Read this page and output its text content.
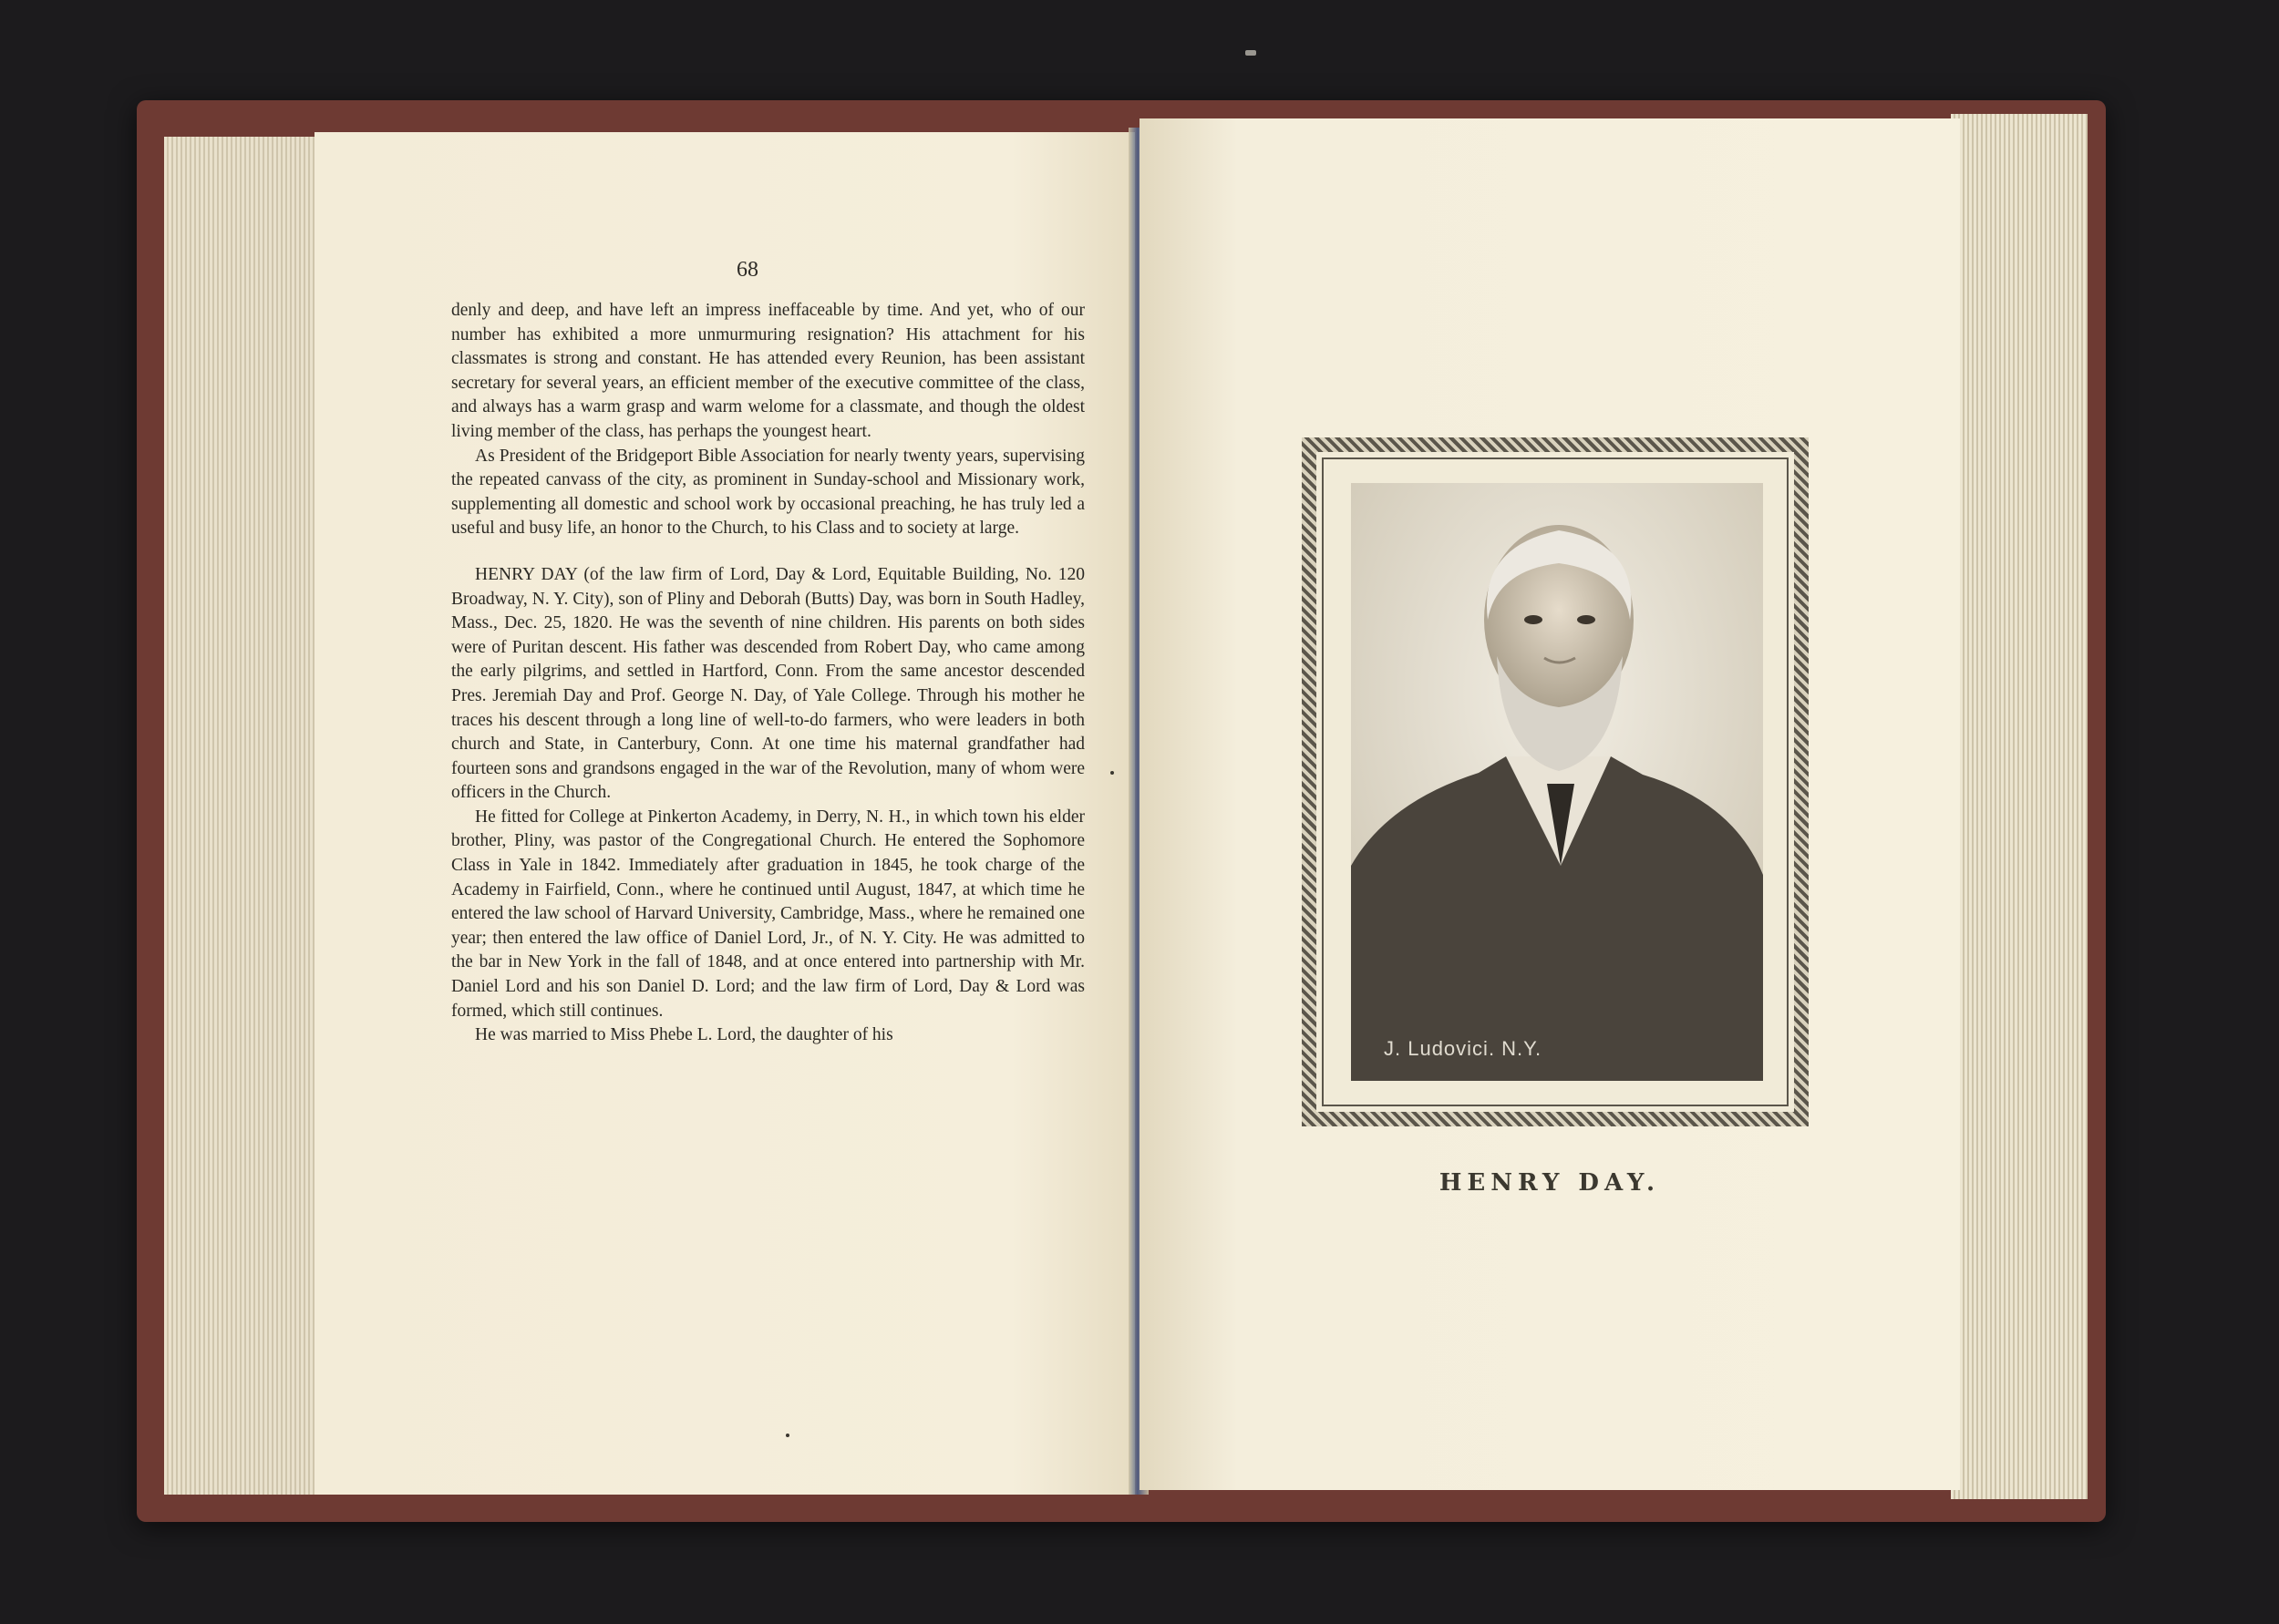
68

denly and deep, and have left an impress ineffaceable by time. And yet, who of our number has exhibited a more unmurmuring resignation? His attachment for his classmates is strong and constant. He has attended every Reunion, has been assistant secretary for several years, an efficient member of the executive committee of the class, and always has a warm grasp and warm welome for a classmate, and though the oldest living member of the class, has perhaps the youngest heart.

As President of the Bridgeport Bible Association for nearly twenty years, supervising the repeated canvass of the city, as prominent in Sunday-school and Missionary work, supplementing all domestic and school work by occasional preaching, he has truly led a useful and busy life, an honor to the Church, to his Class and to society at large.

HENRY DAY (of the law firm of Lord, Day & Lord, Equitable Building, No. 120 Broadway, N. Y. City), son of Pliny and Deborah (Butts) Day, was born in South Hadley, Mass., Dec. 25, 1820. He was the seventh of nine children. His parents on both sides were of Puritan descent. His father was descended from Robert Day, who came among the early pilgrims, and settled in Hartford, Conn. From the same ancestor descended Pres. Jeremiah Day and Prof. George N. Day, of Yale College. Through his mother he traces his descent through a long line of well-to-do farmers, who were leaders in both church and State, in Canterbury, Conn. At one time his maternal grandfather had fourteen sons and grandsons engaged in the war of the Revolution, many of whom were officers in the Church.

He fitted for College at Pinkerton Academy, in Derry, N. H., in which town his elder brother, Pliny, was pastor of the Congregational Church. He entered the Sophomore Class in Yale in 1842. Immediately after graduation in 1845, he took charge of the Academy in Fairfield, Conn., where he continued until August, 1847, at which time he entered the law school of Harvard University, Cambridge, Mass., where he remained one year; then entered the law office of Daniel Lord, Jr., of N. Y. City. He was admitted to the bar in New York in the fall of 1848, and at once entered into partnership with Mr. Daniel Lord and his son Daniel D. Lord; and the law firm of Lord, Day & Lord was formed, which still continues.

He was married to Miss Phebe L. Lord, the daughter of his

J. Ludovici. N.Y.
HENRY DAY.
